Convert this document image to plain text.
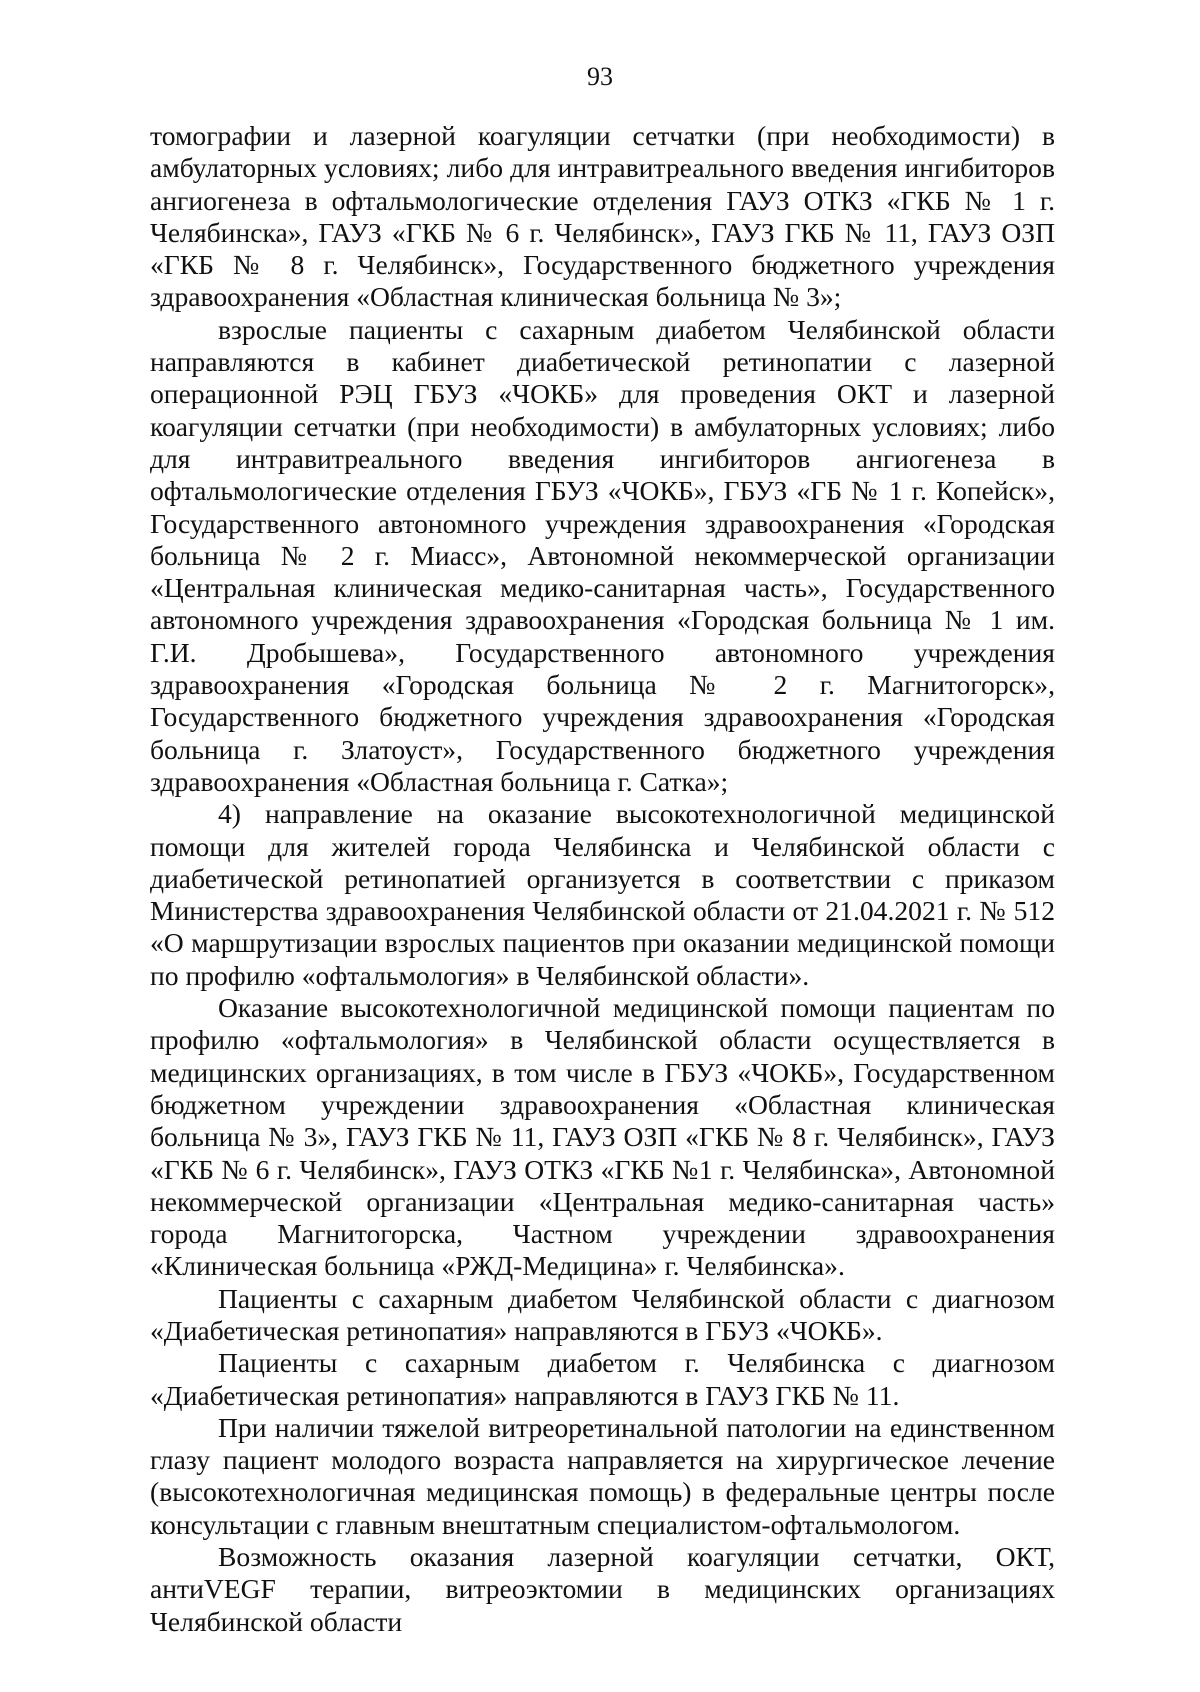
93

томографии и лазерной коагуляции сетчатки (при необходимости) в амбулаторных условиях; либо для интравитреального введения ингибиторов ангиогенеза в офтальмологические отделения ГАУЗ ОТКЗ «ГКБ № 1 г. Челябинска», ГАУЗ «ГКБ № 6 г. Челябинск», ГАУЗ ГКБ № 11, ГАУЗ ОЗП «ГКБ № 8 г. Челябинск», Государственного бюджетного учреждения здравоохранения «Областная клиническая больница № 3»;

взрослые пациенты с сахарным диабетом Челябинской области направляются в кабинет диабетической ретинопатии с лазерной операционной РЭЦ ГБУЗ «ЧОКБ» для проведения ОКТ и лазерной коагуляции сетчатки (при необходимости) в амбулаторных условиях; либо для интравитреального введения ингибиторов ангиогенеза в офтальмологические отделения ГБУЗ «ЧОКБ», ГБУЗ «ГБ № 1 г. Копейск», Государственного автономного учреждения здравоохранения «Городская больница № 2 г. Миасс», Автономной некоммерческой организации «Центральная клиническая медико-санитарная часть», Государственного автономного учреждения здравоохранения «Городская больница № 1 им. Г.И. Дробышева», Государственного автономного учреждения здравоохранения «Городская больница № 2 г. Магнитогорск», Государственного бюджетного учреждения здравоохранения «Городская больница г. Златоуст», Государственного бюджетного учреждения здравоохранения «Областная больница г. Сатка»;

4) направление на оказание высокотехнологичной медицинской помощи для жителей города Челябинска и Челябинской области с диабетической ретинопатией организуется в соответствии с приказом Министерства здравоохранения Челябинской области от 21.04.2021 г. № 512 «О маршрутизации взрослых пациентов при оказании медицинской помощи по профилю «офтальмология» в Челябинской области».

Оказание высокотехнологичной медицинской помощи пациентам по профилю «офтальмология» в Челябинской области осуществляется в медицинских организациях, в том числе в ГБУЗ «ЧОКБ», Государственном бюджетном учреждении здравоохранения «Областная клиническая больница № 3», ГАУЗ ГКБ № 11, ГАУЗ ОЗП «ГКБ № 8 г. Челябинск», ГАУЗ «ГКБ № 6 г. Челябинск», ГАУЗ ОТКЗ «ГКБ №1 г. Челябинска», Автономной некоммерческой организации «Центральная медико-санитарная часть» города Магнитогорска, Частном учреждении здравоохранения «Клиническая больница «РЖД-Медицина» г. Челябинска».

Пациенты с сахарным диабетом Челябинской области с диагнозом «Диабетическая ретинопатия» направляются в ГБУЗ «ЧОКБ».

Пациенты с сахарным диабетом г. Челябинска с диагнозом «Диабетическая ретинопатия» направляются в ГАУЗ ГКБ № 11.

При наличии тяжелой витреоретинальной патологии на единственном глазу пациент молодого возраста направляется на хирургическое лечение (высокотехнологичная медицинская помощь) в федеральные центры после консультации с главным внештатным специалистом-офтальмологом.

Возможность оказания лазерной коагуляции сетчатки, ОКТ, антиVEGF терапии, витреоэктомии в медицинских организациях Челябинской области
